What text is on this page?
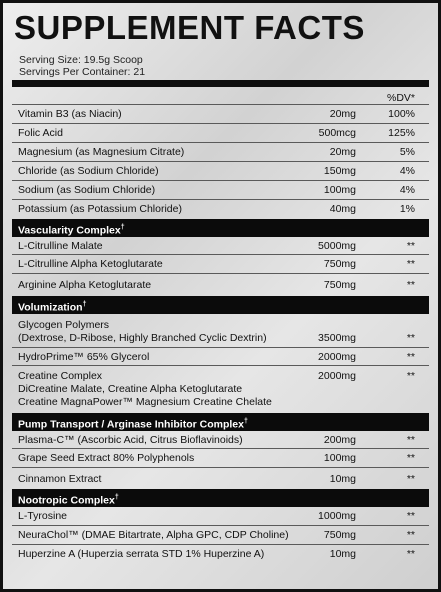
SUPPLEMENT FACTS
Serving Size: 19.5g Scoop
Servings Per Container: 21
%DV*
Vitamin B3 (as Niacin)	20mg	100%
Folic Acid	500mcg	125%
Magnesium (as Magnesium Citrate)	20mg	5%
Chloride (as Sodium Chloride)	150mg	4%
Sodium (as Sodium Chloride)	100mg	4%
Potassium (as Potassium Chloride)	40mg	1%
Vascularity Complex†
L-Citrulline Malate	5000mg	**
L-Citrulline Alpha Ketoglutarate	750mg	**
Arginine Alpha Ketoglutarate	750mg	**
Volumization†
Glycogen Polymers
(Dextrose, D-Ribose, Highly Branched Cyclic Dextrin)	3500mg	**
HydroPrime™ 65% Glycerol	2000mg	**
Creatine Complex
DiCreatine Malate, Creatine Alpha Ketoglutarate
Creatine MagnaPower™ Magnesium Creatine Chelate
2000mg	**
Pump Transport / Arginase Inhibitor Complex†
Plasma-C™ (Ascorbic Acid, Citrus Bioflavinoids)	200mg	**
Grape Seed Extract 80% Polyphenols	100mg	**
Cinnamon Extract	10mg	**
Nootropic Complex†
L-Tyrosine	1000mg	**
NeuraChol™ (DMAE Bitartrate, Alpha GPC, CDP Choline)	750mg	**
Huperzine A (Huperzia serrata STD 1% Huperzine A)	10mg	**
